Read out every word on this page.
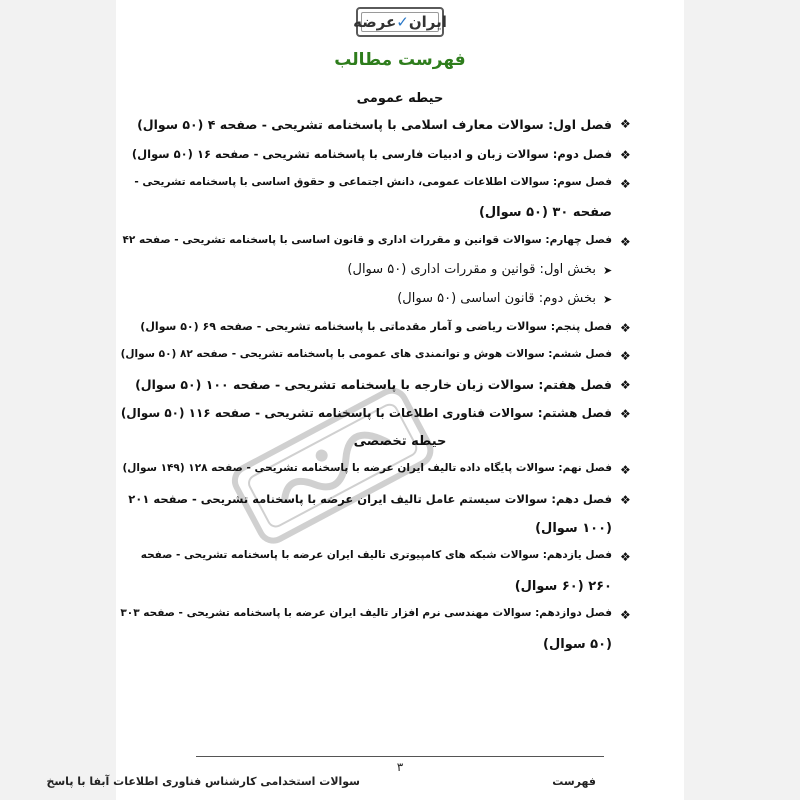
ایران
✓
عرضه
فهرست مطالب
حیطه عمومی
❖
فصل اول: سوالات معارف اسلامی با پاسخنامه تشریحی - صفحه ۴ (۵۰ سوال)
❖
فصل دوم: سوالات زبان و ادبیات فارسی با پاسخنامه تشریحی - صفحه ۱۶ (۵۰ سوال)
❖
فصل سوم: سوالات اطلاعات عمومی، دانش اجتماعی و حقوق اساسی با پاسخنامه تشریحی -
صفحه ۳۰ (۵۰ سوال)
❖
فصل چهارم: سوالات قوانین و مقررات اداری و قانون اساسی با پاسخنامه تشریحی - صفحه ۴۲
➤
بخش اول: قوانین و مقررات اداری (۵۰ سوال)
➤
بخش دوم: قانون اساسی (۵۰ سوال)
❖
فصل پنجم: سوالات ریاضی و آمار مقدماتی با پاسخنامه تشریحی - صفحه ۶۹ (۵۰ سوال)
❖
فصل ششم: سوالات هوش و توانمندی های عمومی با پاسخنامه تشریحی - صفحه ۸۲ (۵۰ سوال)
❖
فصل هفتم: سوالات زبان خارجه با پاسخنامه تشریحی - صفحه ۱۰۰ (۵۰ سوال)
❖
فصل هشتم: سوالات فناوری اطلاعات با پاسخنامه تشریحی - صفحه ۱۱۶ (۵۰ سوال)
حیطه تخصصی
❖
فصل نهم: سوالات پایگاه داده تالیف ایران عرضه با پاسخنامه تشریحی - صفحه ۱۲۸ (۱۴۹ سوال)
❖
فصل دهم: سوالات سیستم عامل تالیف ایران عرضه با پاسخنامه تشریحی - صفحه ۲۰۱
(۱۰۰ سوال)
❖
فصل یازدهم: سوالات شبکه های کامپیوتری تالیف ایران عرضه با پاسخنامه تشریحی - صفحه
۲۶۰ (۶۰ سوال)
❖
فصل دوازدهم: سوالات مهندسی نرم افزار تالیف ایران عرضه با پاسخنامه تشریحی - صفحه ۳۰۳
(۵۰ سوال)
۳
سوالات استخدامی کارشناس فناوری اطلاعات آبفا با پاسخ	فهرست
